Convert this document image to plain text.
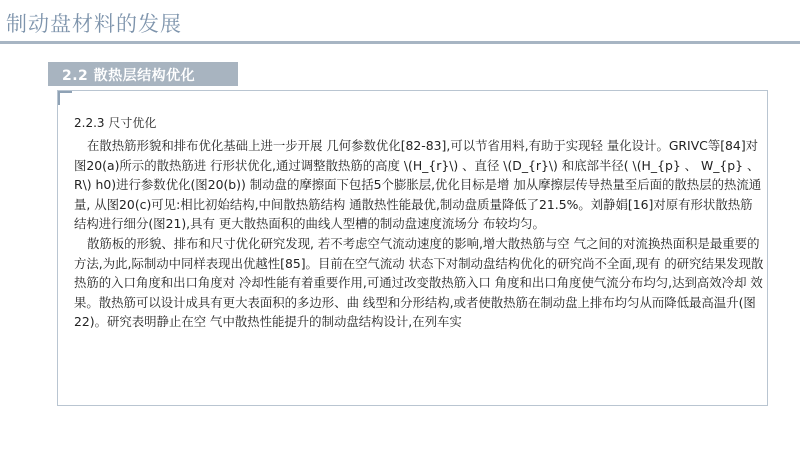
制动盘材料的发展
2.2 散热层结构优化
2.2.3 尺寸优化

在散热筋形貌和排布优化基础上进一步开展 几何参数优化[82-83],可以节省用料,有助于实现轻 量化设计。GRIVC等[84]对图20(a)所示的散热筋进 行形状优化,通过调整散热筋的高度 \(H_{r}\) 、直径 \(D_{r}\) 和底部半径( \(H_{p} 、 W_{p} 、 R\) h0)进行参数优化(图20(b)) 制动盘的摩擦面下包括5个膨胀层,优化目标是增 加从摩擦层传导热量至后面的散热层的热流通量, 从图20(c)可见:相比初始结构,中间散热筋结构 通散热性能最优,制动盘质量降低了21.5%。刘静娟[16]对原有形状散热筋结构进行细分(图21),具有 更大散热面积的曲线人型槽的制动盘速度流场分 布较均匀。

散筋板的形貌、排布和尺寸优化研究发现, 若不考虑空气流动速度的影响,增大散热筋与空 气之间的对流换热面积是最重要的方法,为此,际制动中同样表现出优越性[85]。目前在空气流动 状态下对制动盘结构优化的研究尚不全面,现有 的研究结果发现散热筋的入口角度和出口角度对 冷却性能有着重要作用,可通过改变散热筋入口 角度和出口角度使气流分布均匀,达到高效冷却 效果。散热筋可以设计成具有更大表面积的多边形、曲 线型和分形结构,或者使散热筋在制动盘上排布均匀从而降低最高温升(图22)。研究表明静止在空 气中散热性能提升的制动盘结构设计,在列车实
